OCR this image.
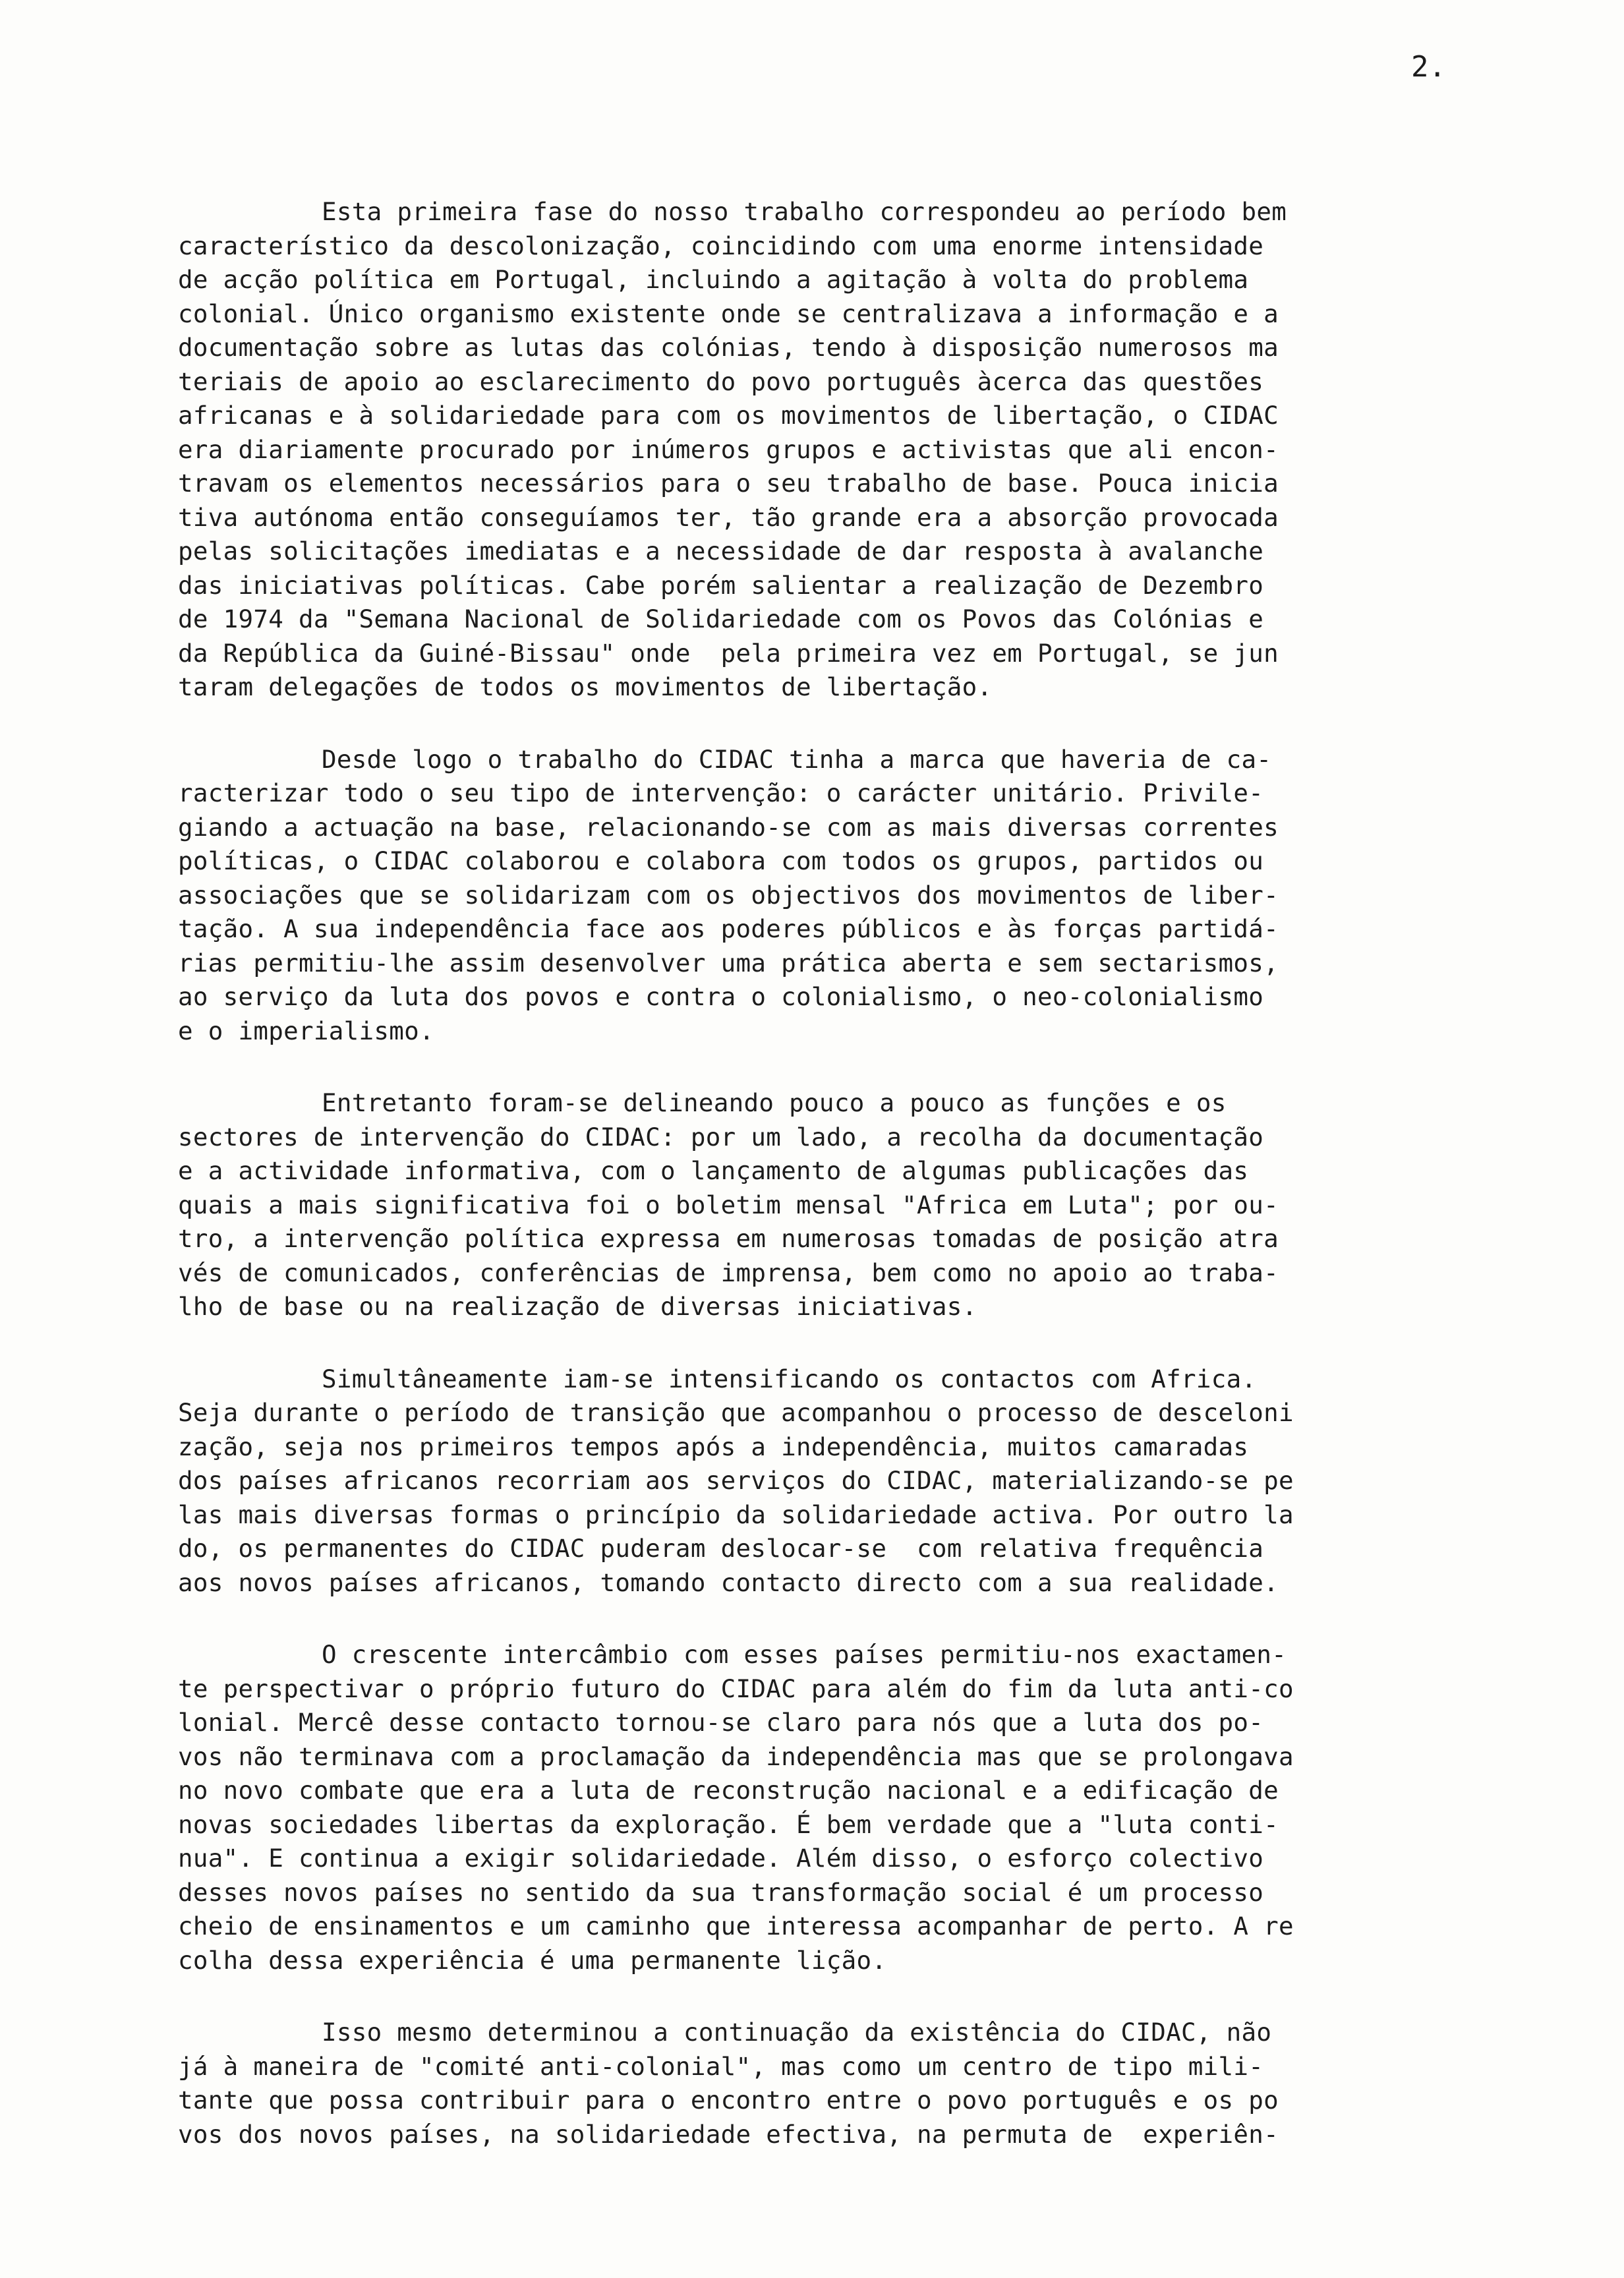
2.
Esta primeira fase do nosso trabalho correspondeu ao período bem
característico da descolonização, coincidindo com uma enorme intensidade
de acção política em Portugal, incluindo a agitação à volta do problema
colonial. Único organismo existente onde se centralizava a informação e a
documentação sobre as lutas das colónias, tendo à disposição numerosos ma
teriais de apoio ao esclarecimento do povo português àcerca das questões
africanas e à solidariedade para com os movimentos de libertação, o CIDAC
era diariamente procurado por inúmeros grupos e activistas que ali encon-
travam os elementos necessários para o seu trabalho de base. Pouca inicia
tiva autónoma então conseguíamos ter, tão grande era a absorção provocada
pelas solicitações imediatas e a necessidade de dar resposta à avalanche
das iniciativas políticas. Cabe porém salientar a realização de Dezembro
de 1974 da "Semana Nacional de Solidariedade com os Povos das Colónias e
da República da Guiné-Bissau" onde  pela primeira vez em Portugal, se jun
taram delegações de todos os movimentos de libertação.
Desde logo o trabalho do CIDAC tinha a marca que haveria de ca-
racterizar todo o seu tipo de intervenção: o carácter unitário. Privile-
giando a actuação na base, relacionando-se com as mais diversas correntes
políticas, o CIDAC colaborou e colabora com todos os grupos, partidos ou
associações que se solidarizam com os objectivos dos movimentos de liber-
tação. A sua independência face aos poderes públicos e às forças partidá-
rias permitiu-lhe assim desenvolver uma prática aberta e sem sectarismos,
ao serviço da luta dos povos e contra o colonialismo, o neo-colonialismo
e o imperialismo.
Entretanto foram-se delineando pouco a pouco as funções e os
sectores de intervenção do CIDAC: por um lado, a recolha da documentação
e a actividade informativa, com o lançamento de algumas publicações das
quais a mais significativa foi o boletim mensal "Africa em Luta"; por ou-
tro, a intervenção política expressa em numerosas tomadas de posição atra
vés de comunicados, conferências de imprensa, bem como no apoio ao traba-
lho de base ou na realização de diversas iniciativas.
Simultâneamente iam-se intensificando os contactos com Africa.
Seja durante o período de transição que acompanhou o processo de desceloni
zação, seja nos primeiros tempos após a independência, muitos camaradas
dos países africanos recorriam aos serviços do CIDAC, materializando-se pe
las mais diversas formas o princípio da solidariedade activa. Por outro la
do, os permanentes do CIDAC puderam deslocar-se  com relativa frequência
aos novos países africanos, tomando contacto directo com a sua realidade.
O crescente intercâmbio com esses países permitiu-nos exactamen-
te perspectivar o próprio futuro do CIDAC para além do fim da luta anti-co
lonial. Mercê desse contacto tornou-se claro para nós que a luta dos po-
vos não terminava com a proclamação da independência mas que se prolongava
no novo combate que era a luta de reconstrução nacional e a edificação de
novas sociedades libertas da exploração. É bem verdade que a "luta conti-
nua". E continua a exigir solidariedade. Além disso, o esforço colectivo
desses novos países no sentido da sua transformação social é um processo
cheio de ensinamentos e um caminho que interessa acompanhar de perto. A re
colha dessa experiência é uma permanente lição.
Isso mesmo determinou a continuação da existência do CIDAC, não
já à maneira de "comité anti-colonial", mas como um centro de tipo mili-
tante que possa contribuir para o encontro entre o povo português e os po
vos dos novos países, na solidariedade efectiva, na permuta de  experiên-
